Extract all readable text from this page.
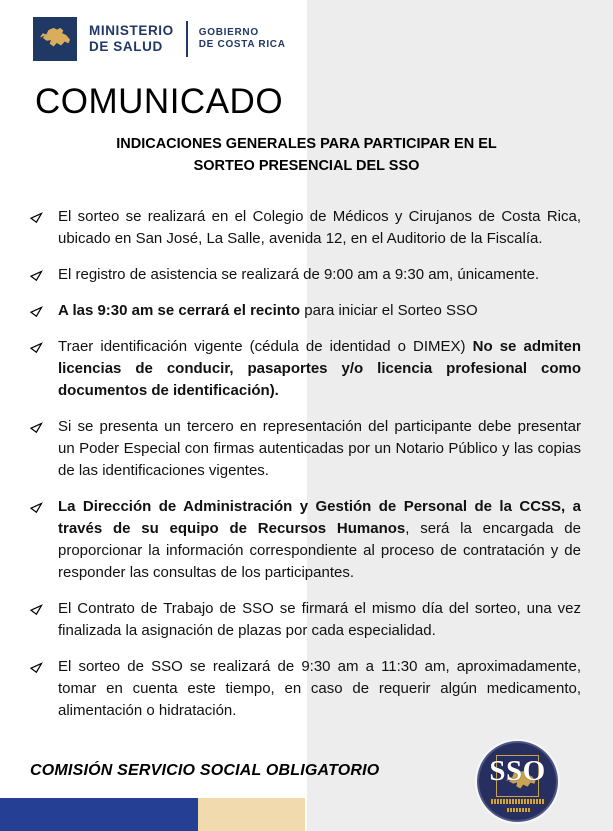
MINISTERIO
DE SALUD
GOBIERNO
DE COSTA RICA
COMUNICADO
INDICACIONES GENERALES PARA PARTICIPAR EN EL
SORTEO PRESENCIAL DEL SSO

El sorteo se realizará en el Colegio de Médicos y Cirujanos de Costa Rica, ubicado en San José, La Salle, avenida 12, en el Auditorio de la Fiscalía.

El registro de asistencia se realizará de 9:00 am a 9:30 am, únicamente.

A las 9:30 am se cerrará el recinto para iniciar el Sorteo SSO

Traer identificación vigente (cédula de identidad o DIMEX) No se admiten licencias de conducir, pasaportes y/o licencia profesional como documentos de identificación).

Si se presenta un tercero en representación del participante debe presentar un Poder Especial con firmas autenticadas por un Notario Público y las copias de las identificaciones vigentes.

La Dirección de Administración y Gestión de Personal de la CCSS, a través de su equipo de Recursos Humanos, será la encargada de proporcionar la información correspondiente al proceso de contratación y de responder las consultas de los participantes.

El Contrato de Trabajo de SSO se firmará el mismo día del sorteo, una vez finalizada la asignación de plazas por cada especialidad.

El sorteo de SSO se realizará de 9:30 am a 11:30 am, aproximadamente, tomar en cuenta este tiempo, en caso de requerir algún medicamento, alimentación o hidratación.

COMISIÓN SERVICIO SOCIAL OBLIGATORIO	SSO
